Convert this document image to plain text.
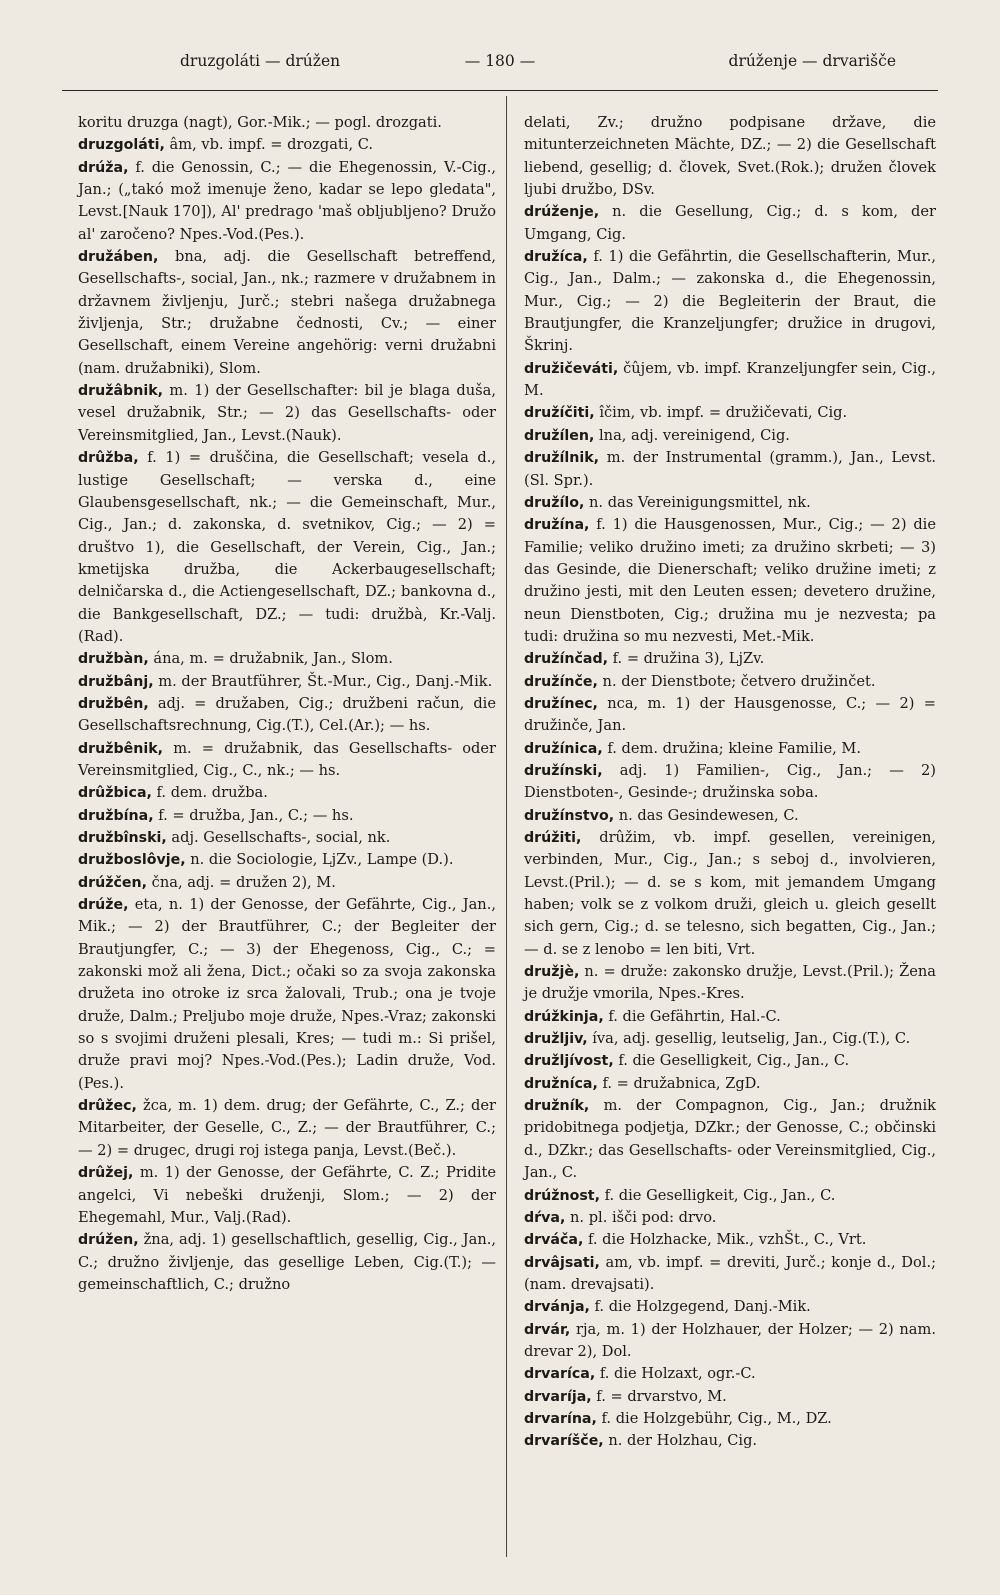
druzgoláti — drúžen	— 180 —	drúženje — drvarišče

koritu druzga (nagt), Gor.-Mik.; — pogl. drozgati.

druzgoláti, âm, vb. impf. = drozgati, C.

drúža, f. die Genossin, C.; — die Ehegenossin, V.-Cig., Jan.; („takó mož imenuje ženo, kadar se lepo gledata", Levst.[Nauk 170]), Al' predrago 'maš obljubljeno? Družo al' zaročeno? Npes.-Vod.(Pes.).

družáben, bna, adj. die Gesellschaft betreffend, Gesellschafts-, social, Jan., nk.; razmere v družabnem in državnem življenju, Jurč.; stebri našega družabnega življenja, Str.; družabne čednosti, Cv.; — einer Gesellschaft, einem Vereine angehörig: verni družabni (nam. družabniki), Slom.

družâbnik, m. 1) der Gesellschafter: bil je blaga duša, vesel družabnik, Str.; — 2) das Gesellschafts- oder Vereinsmitglied, Jan., Levst.(Nauk).

drûžba, f. 1) = druščina, die Gesellschaft; vesela d., lustige Gesellschaft; — verska d., eine Glaubensgesellschaft, nk.; — die Gemeinschaft, Mur., Cig., Jan.; d. zakonska, d. svetnikov, Cig.; — 2) = društvo 1), die Gesellschaft, der Verein, Cig., Jan.; kmetijska družba, die Ackerbaugesellschaft; delničarska d., die Actiengesellschaft, DZ.; bankovna d., die Bankgesellschaft, DZ.; — tudi: družbà, Kr.-Valj.(Rad).

družbàn, ána, m. = družabnik, Jan., Slom.

družbânj, m. der Brautführer, Št.-Mur., Cig., Danj.-Mik.

družbên, adj. = družaben, Cig.; družbeni račun, die Gesellschaftsrechnung, Cig.(T.), Cel.(Ar.); — hs.

družbênik, m. = družabnik, das Gesellschafts- oder Vereinsmitglied, Cig., C., nk.; — hs.

drûžbica, f. dem. družba.

družbína, f. = družba, Jan., C.; — hs.

družbînski, adj. Gesellschafts-, social, nk.

družboslôvje, n. die Sociologie, LjZv., Lampe (D.).

drúžčen, čna, adj. = družen 2), M.

drúže, eta, n. 1) der Genosse, der Gefährte, Cig., Jan., Mik.; — 2) der Brautführer, C.; der Begleiter der Brautjungfer, C.; — 3) der Ehegenoss, Cig., C.; = zakonski mož ali žena, Dict.; očaki so za svoja zakonska družeta ino otroke iz srca žalovali, Trub.; ona je tvoje druže, Dalm.; Preljubo moje druže, Npes.-Vraz; zakonski so s svojimi druženi plesali, Kres; — tudi m.: Si prišel, druže pravi moj? Npes.-Vod.(Pes.); Ladin druže, Vod.(Pes.).

drûžec, žca, m. 1) dem. drug; der Gefährte, C., Z.; der Mitarbeiter, der Geselle, C., Z.; — der Brautführer, C.; — 2) = drugec, drugi roj istega panja, Levst.(Beč.).

drûžej, m. 1) der Genosse, der Gefährte, C. Z.; Pridite angelci, Vi nebeški druženji, Slom.; — 2) der Ehegemahl, Mur., Valj.(Rad).

drúžen, žna, adj. 1) gesellschaftlich, gesellig, Cig., Jan., C.; družno življenje, das gesellige Leben, Cig.(T.); — gemeinschaftlich, C.; družno

delati, Zv.; družno podpisane države, die mitunterzeichneten Mächte, DZ.; — 2) die Gesellschaft liebend, gesellig; d. človek, Svet.(Rok.); družen človek ljubi družbo, DSv.

drúženje, n. die Gesellung, Cig.; d. s kom, der Umgang, Cig.

družíca, f. 1) die Gefährtin, die Gesellschafterin, Mur., Cig., Jan., Dalm.; — zakonska d., die Ehegenossin, Mur., Cig.; — 2) die Begleiterin der Braut, die Brautjungfer, die Kranzeljungfer; družice in drugovi, Škrinj.

družičeváti, čûjem, vb. impf. Kranzeljungfer sein, Cig., M.

družíčiti, îčim, vb. impf. = družičevati, Cig.

družílen, lna, adj. vereinigend, Cig.

družílnik, m. der Instrumental (gramm.), Jan., Levst.(Sl. Spr.).

družílo, n. das Vereinigungsmittel, nk.

družína, f. 1) die Hausgenossen, Mur., Cig.; — 2) die Familie; veliko družino imeti; za družino skrbeti; — 3) das Gesinde, die Dienerschaft; veliko družine imeti; z družino jesti, mit den Leuten essen; devetero družine, neun Dienstboten, Cig.; družina mu je nezvesta; pa tudi: družina so mu nezvesti, Met.-Mik.

družínčad, f. = družina 3), LjZv.

družínče, n. der Dienstbote; četvero družinčet.

družínec, nca, m. 1) der Hausgenosse, C.; — 2) = družinče, Jan.

družínica, f. dem. družina; kleine Familie, M.

družínski, adj. 1) Familien-, Cig., Jan.; — 2) Dienstboten-, Gesinde-; družinska soba.

družínstvo, n. das Gesindewesen, C.

drúžiti, drûžim, vb. impf. gesellen, vereinigen, verbinden, Mur., Cig., Jan.; s seboj d., involvieren, Levst.(Pril.); — d. se s kom, mit jemandem Umgang haben; volk se z volkom druži, gleich u. gleich gesellt sich gern, Cig.; d. se telesno, sich begatten, Cig., Jan.; — d. se z lenobo = len biti, Vrt.

družjè, n. = druže: zakonsko družje, Levst.(Pril.); Žena je družje vmorila, Npes.-Kres.

drúžkinja, f. die Gefährtin, Hal.-C.

družljiv, íva, adj. gesellig, leutselig, Jan., Cig.(T.), C.

družljívost, f. die Geselligkeit, Cig., Jan., C.

družníca, f. = družabnica, ZgD.

družník, m. der Compagnon, Cig., Jan.; družnik pridobitnega podjetja, DZkr.; der Genosse, C.; občinski d., DZkr.; das Gesellschafts- oder Vereinsmitglied, Cig., Jan., C.

drúžnost, f. die Geselligkeit, Cig., Jan., C.

dŕva, n. pl. išči pod: drvo.

drváča, f. die Holzhacke, Mik., vzhŠt., C., Vrt.

drvâjsati, am, vb. impf. = dreviti, Jurč.; konje d., Dol.; (nam. drevajsati).

drvánja, f. die Holzgegend, Danj.-Mik.

drvár, rja, m. 1) der Holzhauer, der Holzer; — 2) nam. drevar 2), Dol.

drvaríca, f. die Holzaxt, ogr.-C.

drvaríja, f. = drvarstvo, M.

drvarína, f. die Holzgebühr, Cig., M., DZ.

drvaríšče, n. der Holzhau, Cig.
